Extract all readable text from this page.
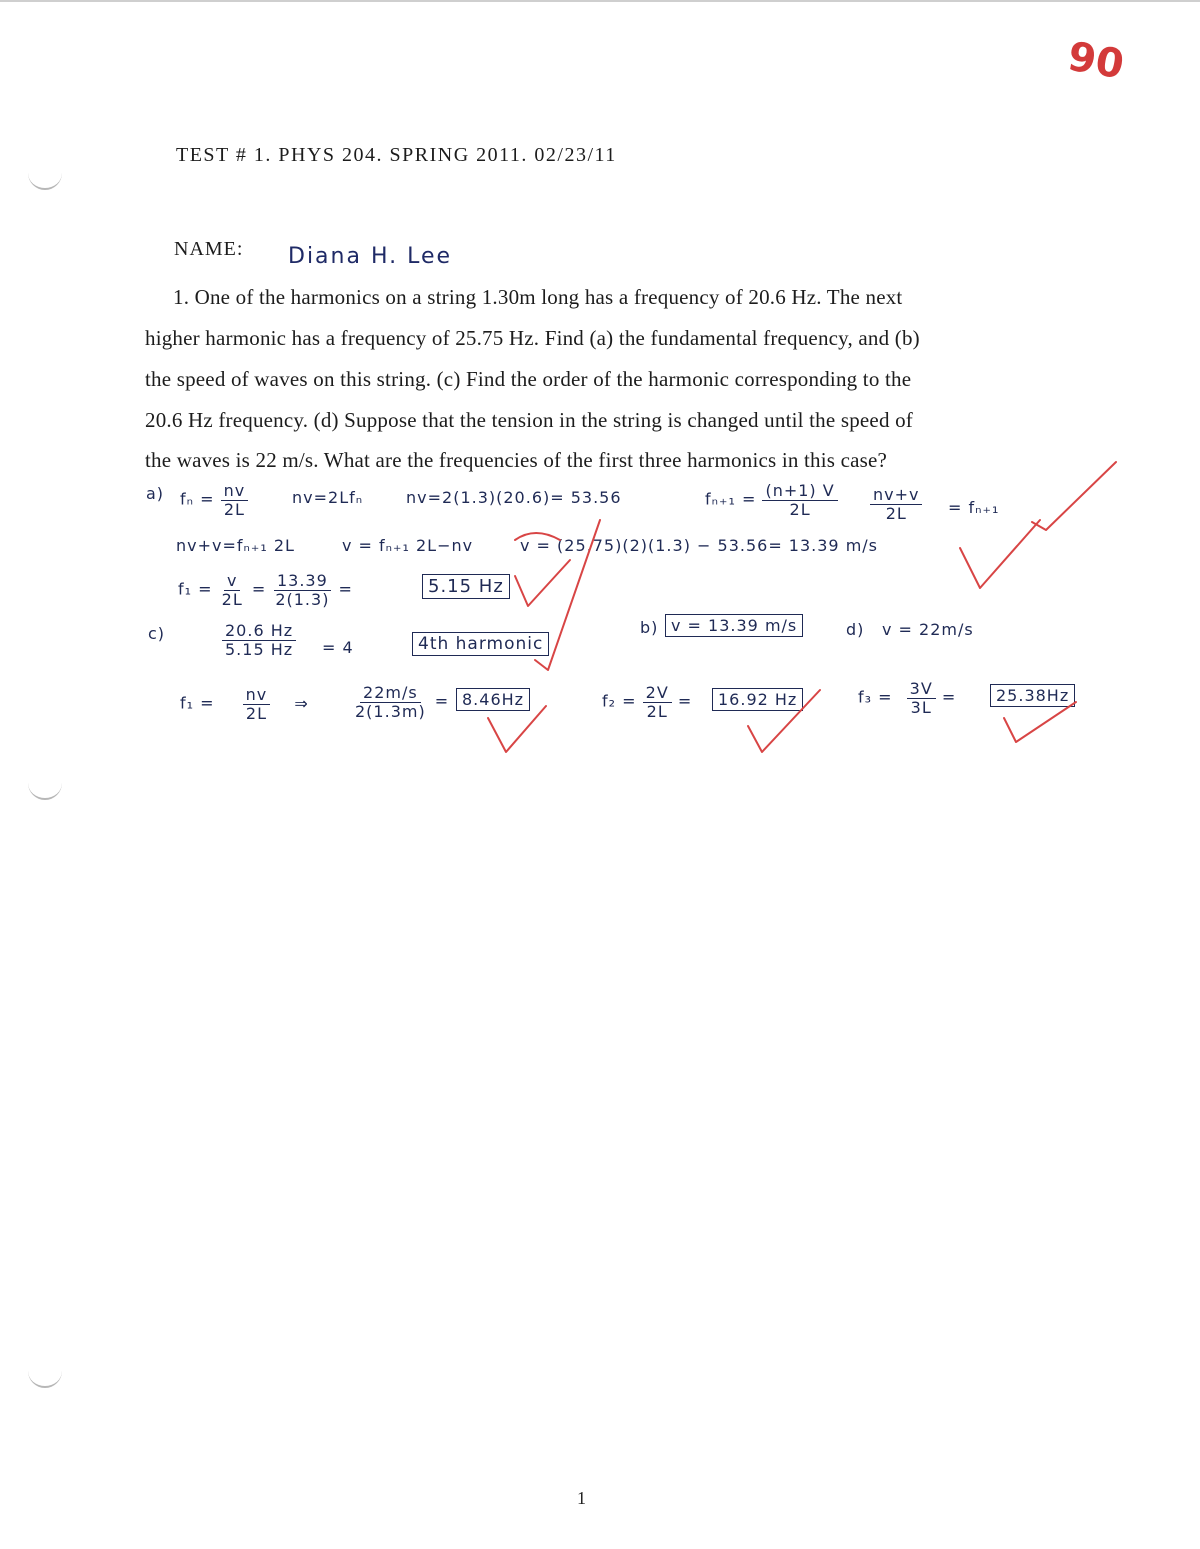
90
TEST # 1. PHYS 204. SPRING 2011. 02/23/11
NAME: Diana H. Lee
1. One of the harmonics on a string 1.30m long has a frequency of 20.6 Hz. The next
higher harmonic has a frequency of 25.75 Hz. Find (a) the fundamental frequency, and (b)
the speed of waves on this string. (c) Find the order of the harmonic corresponding to the
20.6 Hz frequency. (d) Suppose that the tension in the string is changed until the speed of
the waves is 22 m/s. What are the frequencies of the first three harmonics in this case?
a) $f_n = \frac{nv}{2L}$	nv=2Lfₙ	nv=2(1.3)(20.6)= 53.56	$f_{n+1} = \frac{(n+1) V}{2L} \frac{nv+v}{2L} = f_{n+1}$
nv+v=fₙ₊₁ 2L	v = fₙ₊₁ 2L−nv	v = (25.75)(2)(1.3) − 53.56= 13.39 m/s
$f_1 = \frac{v}{2L} = \frac{13.39}{2(1.3)}$ =	5.15 Hz
c)	$\frac{20.6 Hz}{5.15 Hz} = 4$	4th harmonic
b) v = 13.39 m/s	d) v = 22m/s
$f_1 = \frac{nv}{2L}$ ⇒	$\frac{22m/s}{2(1.3m)} = 8.46Hz$	$f_2 = \frac{2V}{2L}$ =	16.92 Hz	$f_3 = \frac{3V}{3L}$ =	25.38Hz
1
